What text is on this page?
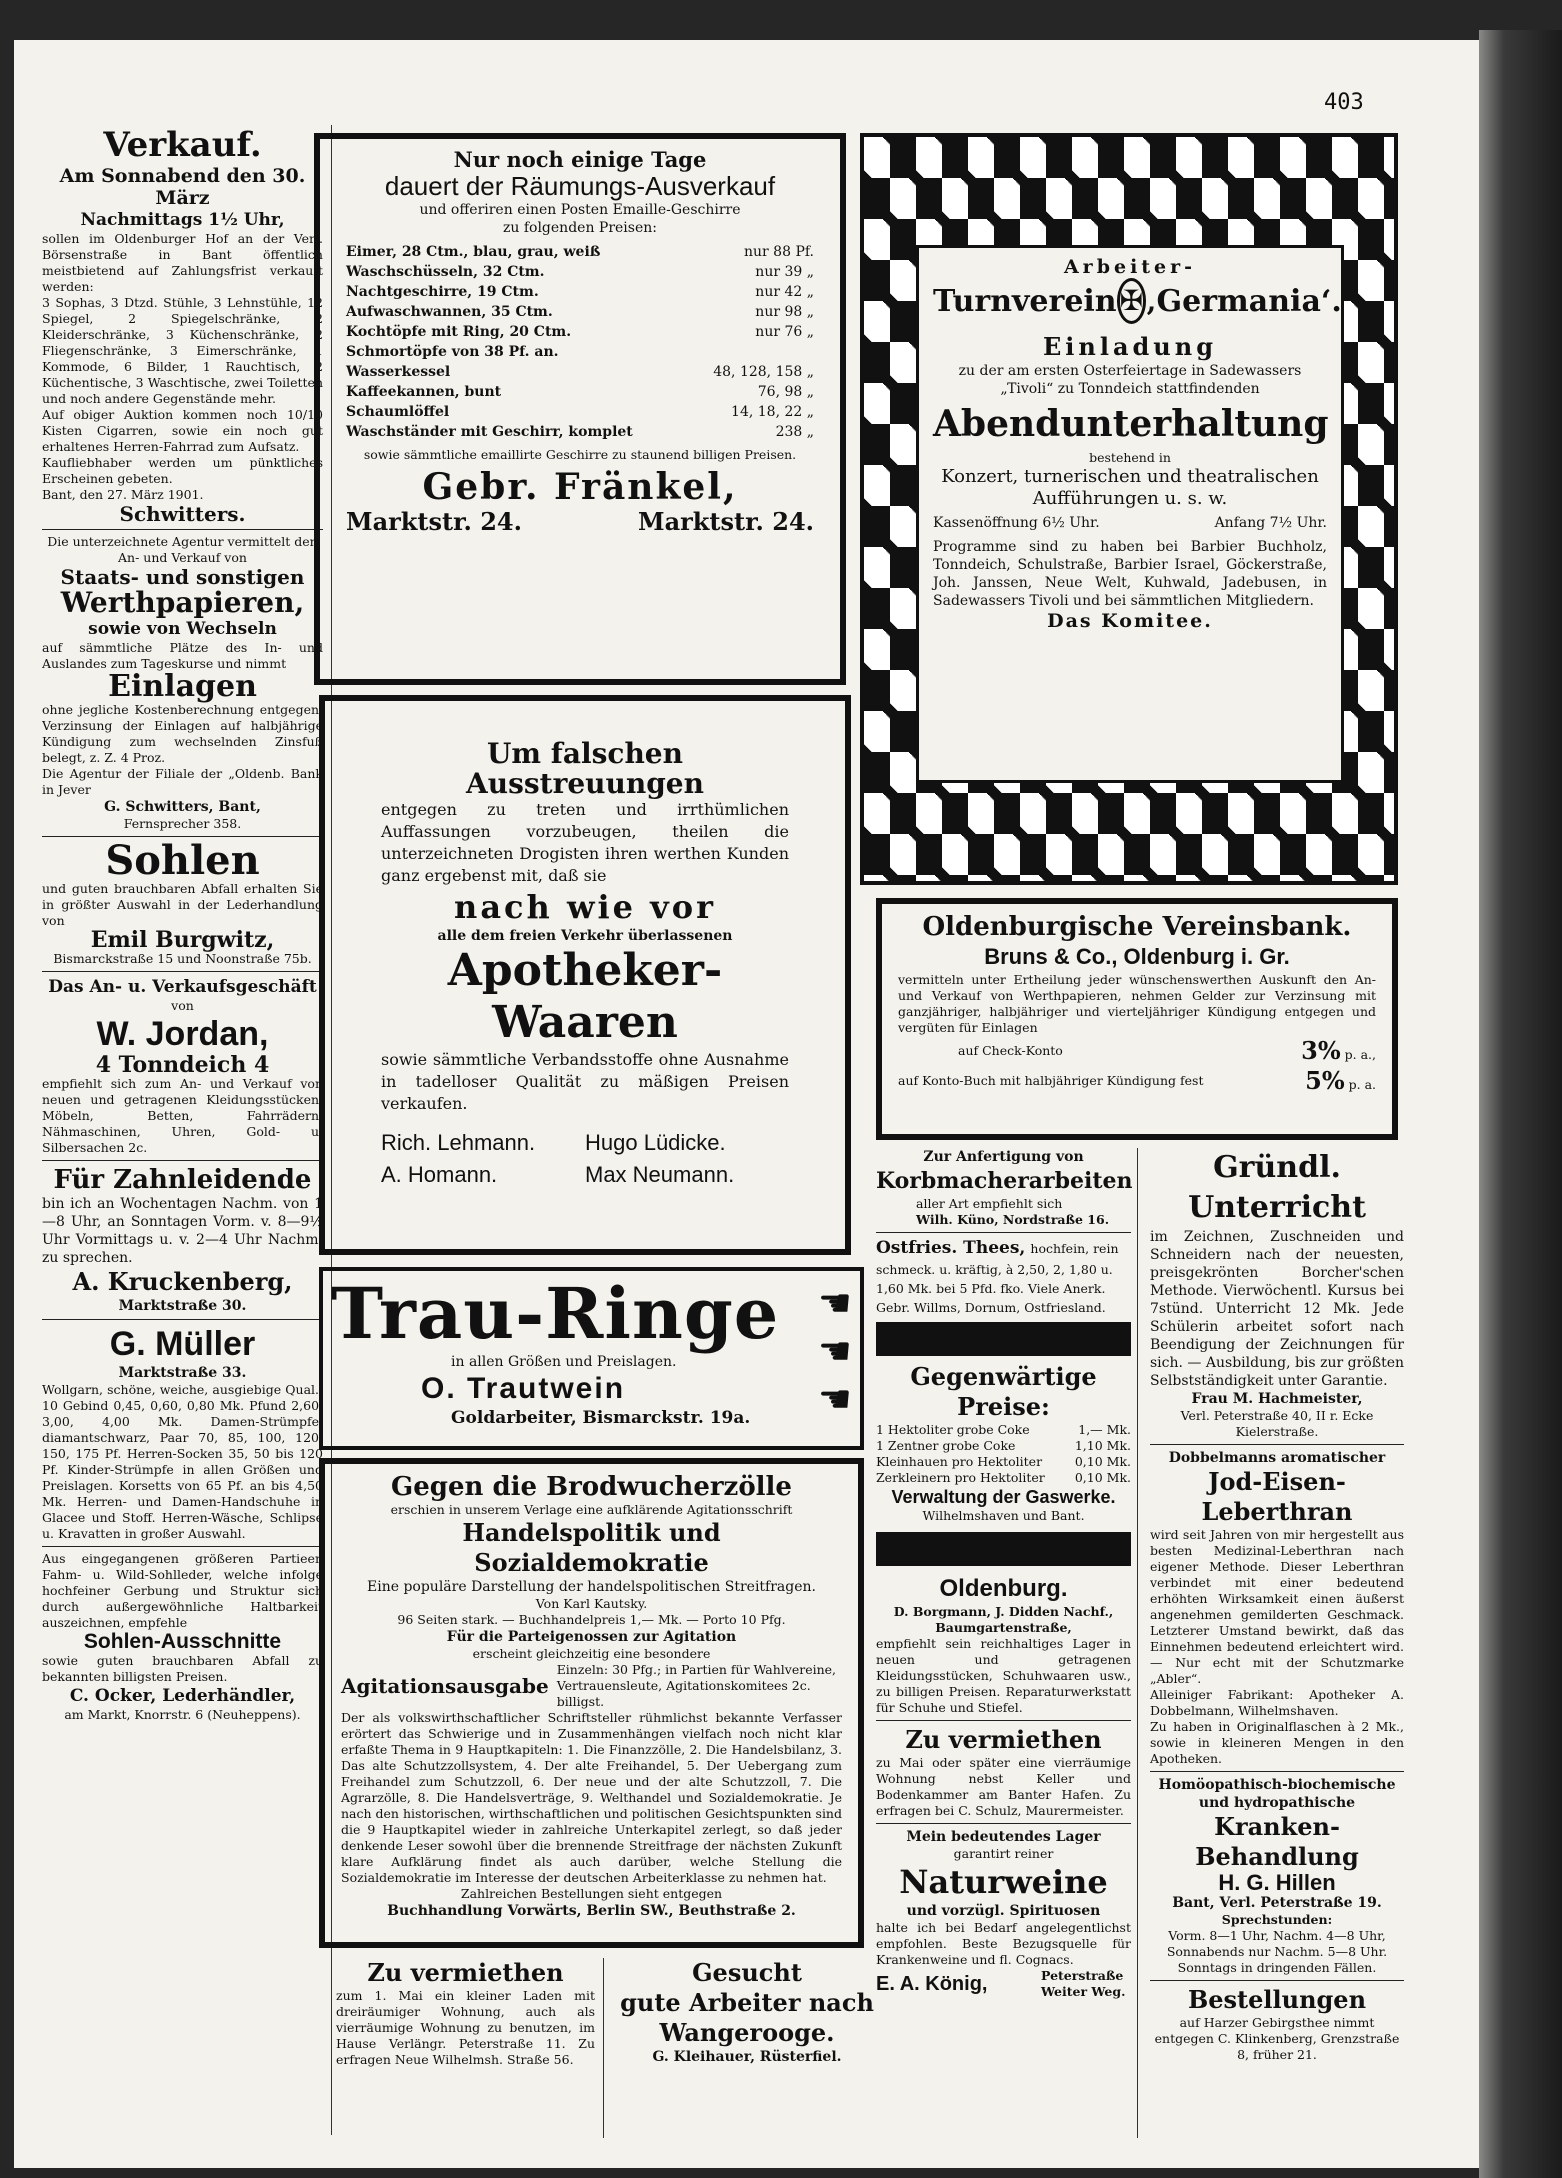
403
Verkauf.
Am Sonnabend den 30. März
Nachmittags 1½ Uhr,
sollen im Oldenburger Hof an der Verl. Börsenstraße in Bant öffentlich meistbietend auf Zahlungsfrist verkauft werden:
3 Sophas, 3 Dtzd. Stühle, 3 Lehnstühle, 12 Spiegel, 2 Spiegelschränke, 2 Kleiderschränke, 3 Küchenschränke, 2 Fliegenschränke, 3 Eimerschränke, 1 Kommode, 6 Bilder, 1 Rauchtisch, 2 Küchentische, 3 Waschtische, zwei Toiletten und noch andere Gegenstände mehr.
Auf obiger Auktion kommen noch 10/10 Kisten Cigarren, sowie ein noch gut erhaltenes Herren-Fahrrad zum Aufsatz.
Kaufliebhaber werden um pünktliches Erscheinen gebeten.
Bant, den 27. März 1901.
Schwitters.
Die unterzeichnete Agentur vermittelt den An- und Verkauf von
Staats- und sonstigen
Werthpapieren,
sowie von Wechseln
auf sämmtliche Plätze des In- und Auslandes zum Tageskurse und nimmt
Einlagen
ohne jegliche Kostenberechnung entgegen. Verzinsung der Einlagen auf halbjährige Kündigung zum wechselnden Zinsfuß belegt, z. Z. 4 Proz.
Die Agentur der Filiale der „Oldenb. Bank in Jever
G. Schwitters, Bant,
Fernsprecher 358.
Sohlen
und guten brauchbaren Abfall erhalten Sie in größter Auswahl in der Lederhandlung von
Emil Burgwitz,
Bismarckstraße 15 und Noonstraße 75b.
Das An- u. Verkaufsgeschäft
von
W. Jordan,
4 Tonndeich 4
empfiehlt sich zum An- und Verkauf von neuen und getragenen Kleidungsstücken, Möbeln, Betten, Fahrrädern, Nähmaschinen, Uhren, Gold- u. Silbersachen 2c.
Für Zahnleidende
bin ich an Wochentagen Nachm. von 1—8 Uhr, an Sonntagen Vorm. v. 8—9½ Uhr Vormittags u. v. 2—4 Uhr Nachm. zu sprechen.
A. Kruckenberg,
Marktstraße 30.
G. Müller
Marktstraße 33.
Wollgarn, schöne, weiche, ausgiebige Qual., 10 Gebind 0,45, 0,60, 0,80 Mk. Pfund 2,60, 3,00, 4,00 Mk. Damen-Strümpfe, diamantschwarz, Paar 70, 85, 100, 120, 150, 175 Pf. Herren-Socken 35, 50 bis 120 Pf. Kinder-Strümpfe in allen Größen und Preislagen. Korsetts von 65 Pf. an bis 4,50 Mk. Herren- und Damen-Handschuhe in Glacee und Stoff. Herren-Wäsche, Schlipse u. Kravatten in großer Auswahl.
Aus eingegangenen größeren Partieen Fahm- u. Wild-Sohlleder, welche infolge hochfeiner Gerbung und Struktur sich durch außergewöhnliche Haltbarkeit auszeichnen, empfehle
Sohlen-Ausschnitte
sowie guten brauchbaren Abfall zu bekannten billigsten Preisen.
C. Ocker, Lederhändler,
am Markt, Knorrstr. 6 (Neuheppens).
Nur noch einige Tage
dauert der Räumungs-Ausverkauf
und offeriren einen Posten Emaille-Geschirre
zu folgenden Preisen:
Eimer, 28 Ctm., blau, grau, weiß	nur 88 Pf.
Waschschüsseln, 32 Ctm.	nur 39 „
Nachtgeschirre, 19 Ctm.	nur 42 „
Aufwaschwannen, 35 Ctm.	nur 98 „
Kochtöpfe mit Ring, 20 Ctm.	nur 76 „
Schmortöpfe von 38 Pf. an.
Wasserkessel	48, 128, 158 „
Kaffeekannen, bunt	76, 98 „
Schaumlöffel	14, 18, 22 „
Waschständer mit Geschirr, komplet	238 „
sowie sämmtliche emaillirte Geschirre zu staunend billigen Preisen.
Gebr. Fränkel,
Marktstr. 24.	Marktstr. 24.
Arbeiter-
Turnverein ✠ ‚Germania‘.
Einladung
zu der am ersten Osterfeiertage in Sadewassers „Tivoli“ zu Tonndeich stattfindenden
Abendunterhaltung
bestehend in
Konzert, turnerischen und theatralischen Aufführungen u. s. w.
Kassenöffnung 6½ Uhr.	Anfang 7½ Uhr.
Programme sind zu haben bei Barbier Buchholz, Tonndeich, Schulstraße, Barbier Israel, Göckerstraße, Joh. Janssen, Neue Welt, Kuhwald, Jadebusen, in Sadewassers Tivoli und bei sämmtlichen Mitgliedern.
Das Komitee.
Um falschen Ausstreuungen
entgegen zu treten und irrthümlichen Auffassungen vorzubeugen, theilen die unterzeichneten Drogisten ihren werthen Kunden ganz ergebenst mit, daß sie
nach wie vor
alle dem freien Verkehr überlassenen
Apotheker-Waaren
sowie sämmtliche Verbandsstoffe ohne Ausnahme in tadelloser Qualität zu mäßigen Preisen verkaufen.
Rich. Lehmann.	Hugo Lüdicke.
A. Homann.	Max Neumann.
Oldenburgische Vereinsbank.
Bruns & Co., Oldenburg i. Gr.
vermitteln unter Ertheilung jeder wünschenswerthen Auskunft den An- und Verkauf von Werthpapieren, nehmen Gelder zur Verzinsung mit ganzjähriger, halbjähriger und vierteljähriger Kündigung entgegen und vergüten für Einlagen
auf Check-Konto	3% p. a.,
auf Konto-Buch mit halbjähriger Kündigung fest	5% p. a.
Trau-Ringe
in allen Größen und Preislagen.
O. Trautwein
Goldarbeiter, Bismarckstr. 19a.
☚
☚
☚
Gegen die Brodwucherzölle
erschien in unserem Verlage eine aufklärende Agitationsschrift
Handelspolitik und Sozialdemokratie
Eine populäre Darstellung der handelspolitischen Streitfragen.
Von Karl Kautsky.
96 Seiten stark. — Buchhandelpreis 1,— Mk. — Porto 10 Pfg.
Für die Parteigenossen zur Agitation
erscheint gleichzeitig eine besondere
Agitationsausgabe
Einzeln: 30 Pfg.; in Partien für Wahlvereine, Vertrauensleute, Agitationskomitees 2c. billigst.
Der als volkswirthschaftlicher Schriftsteller rühmlichst bekannte Verfasser erörtert das Schwierige und in Zusammenhängen vielfach noch nicht klar erfaßte Thema in 9 Hauptkapiteln: 1. Die Finanzzölle, 2. Die Handelsbilanz, 3. Das alte Schutzzollsystem, 4. Der alte Freihandel, 5. Der Uebergang zum Freihandel zum Schutzzoll, 6. Der neue und der alte Schutzzoll, 7. Die Agrarzölle, 8. Die Handelsverträge, 9. Welthandel und Sozialdemokratie. Je nach den historischen, wirthschaftlichen und politischen Gesichtspunkten sind die 9 Hauptkapitel wieder in zahlreiche Unterkapitel zerlegt, so daß jeder denkende Leser sowohl über die brennende Streitfrage der nächsten Zukunft klare Aufklärung findet als auch darüber, welche Stellung die Sozialdemokratie im Interesse der deutschen Arbeiterklasse zu nehmen hat.
Zahlreichen Bestellungen sieht entgegen
Buchhandlung Vorwärts, Berlin SW., Beuthstraße 2.
Zu vermiethen
zum 1. Mai ein kleiner Laden mit dreiräumiger Wohnung, auch als vierräumige Wohnung zu benutzen, im Hause Verlängr. Peterstraße 11. Zu erfragen Neue Wilhelmsh. Straße 56.
Gesucht
gute Arbeiter nach
Wangerooge.
G. Kleihauer, Rüsterfiel.
Zur Anfertigung von
Korbmacherarbeiten
aller Art empfiehlt sich
Wilh. Küno, Nordstraße 16.
Ostfries. Thees, hochfein, rein schmeck. u. kräftig, à 2,50, 2, 1,80 u. 1,60 Mk. bei 5 Pfd. fko. Viele Anerk. Gebr. Willms, Dornum, Ostfriesland.
Gegenwärtige Preise:
1 Hektoliter grobe Coke	1,— Mk.
1 Zentner grobe Coke	1,10 Mk.
Kleinhauen pro Hektoliter	0,10 Mk.
Zerkleinern pro Hektoliter 0,10 Mk.
Verwaltung der Gaswerke.
Wilhelmshaven und Bant.
Oldenburg.
D. Borgmann, J. Didden Nachf., Baumgartenstraße,
empfiehlt sein reichhaltiges Lager in neuen und getragenen Kleidungsstücken, Schuhwaaren usw., zu billigen Preisen. Reparaturwerkstatt für Schuhe und Stiefel.
Zu vermiethen
zu Mai oder später eine vierräumige Wohnung nebst Keller und Bodenkammer am Banter Hafen. Zu erfragen bei C. Schulz, Maurermeister.
Mein bedeutendes Lager
garantirt reiner
Naturweine
und vorzügl. Spirituosen
halte ich bei Bedarf angelegentlichst empfohlen. Beste Bezugsquelle für Krankenweine und fl. Cognacs.
E. A. König,	Peterstraße Weiter Weg.
Gründl. Unterricht
im Zeichnen, Zuschneiden und Schneidern nach der neuesten, preisgekrönten Borcher'schen Methode. Vierwöchentl. Kursus bei 7stünd. Unterricht 12 Mk. Jede Schülerin arbeitet sofort nach Beendigung der Zeichnungen für sich. — Ausbildung, bis zur größten Selbstständigkeit unter Garantie.
Frau M. Hachmeister,
Verl. Peterstraße 40, II r. Ecke Kielerstraße.
Dobbelmanns aromatischer
Jod-Eisen-Leberthran
wird seit Jahren von mir hergestellt aus besten Medizinal-Leberthran nach eigener Methode. Dieser Leberthran verbindet mit einer bedeutend erhöhten Wirksamkeit einen äußerst angenehmen gemilderten Geschmack. Letzterer Umstand bewirkt, daß das Einnehmen bedeutend erleichtert wird. — Nur echt mit der Schutzmarke „Abler“.
Alleiniger Fabrikant: Apotheker A. Dobbelmann, Wilhelmshaven.
Zu haben in Originalflaschen à 2 Mk., sowie in kleineren Mengen in den Apotheken.
Homöopathisch-biochemische
und hydropathische
Kranken-Behandlung
H. G. Hillen
Bant, Verl. Peterstraße 19.
Sprechstunden:
Vorm. 8—1 Uhr, Nachm. 4—8 Uhr, Sonnabends nur Nachm. 5—8 Uhr. Sonntags in dringenden Fällen.
Bestellungen
auf Harzer Gebirgsthee nimmt entgegen C. Klinkenberg, Grenzstraße 8, früher 21.
